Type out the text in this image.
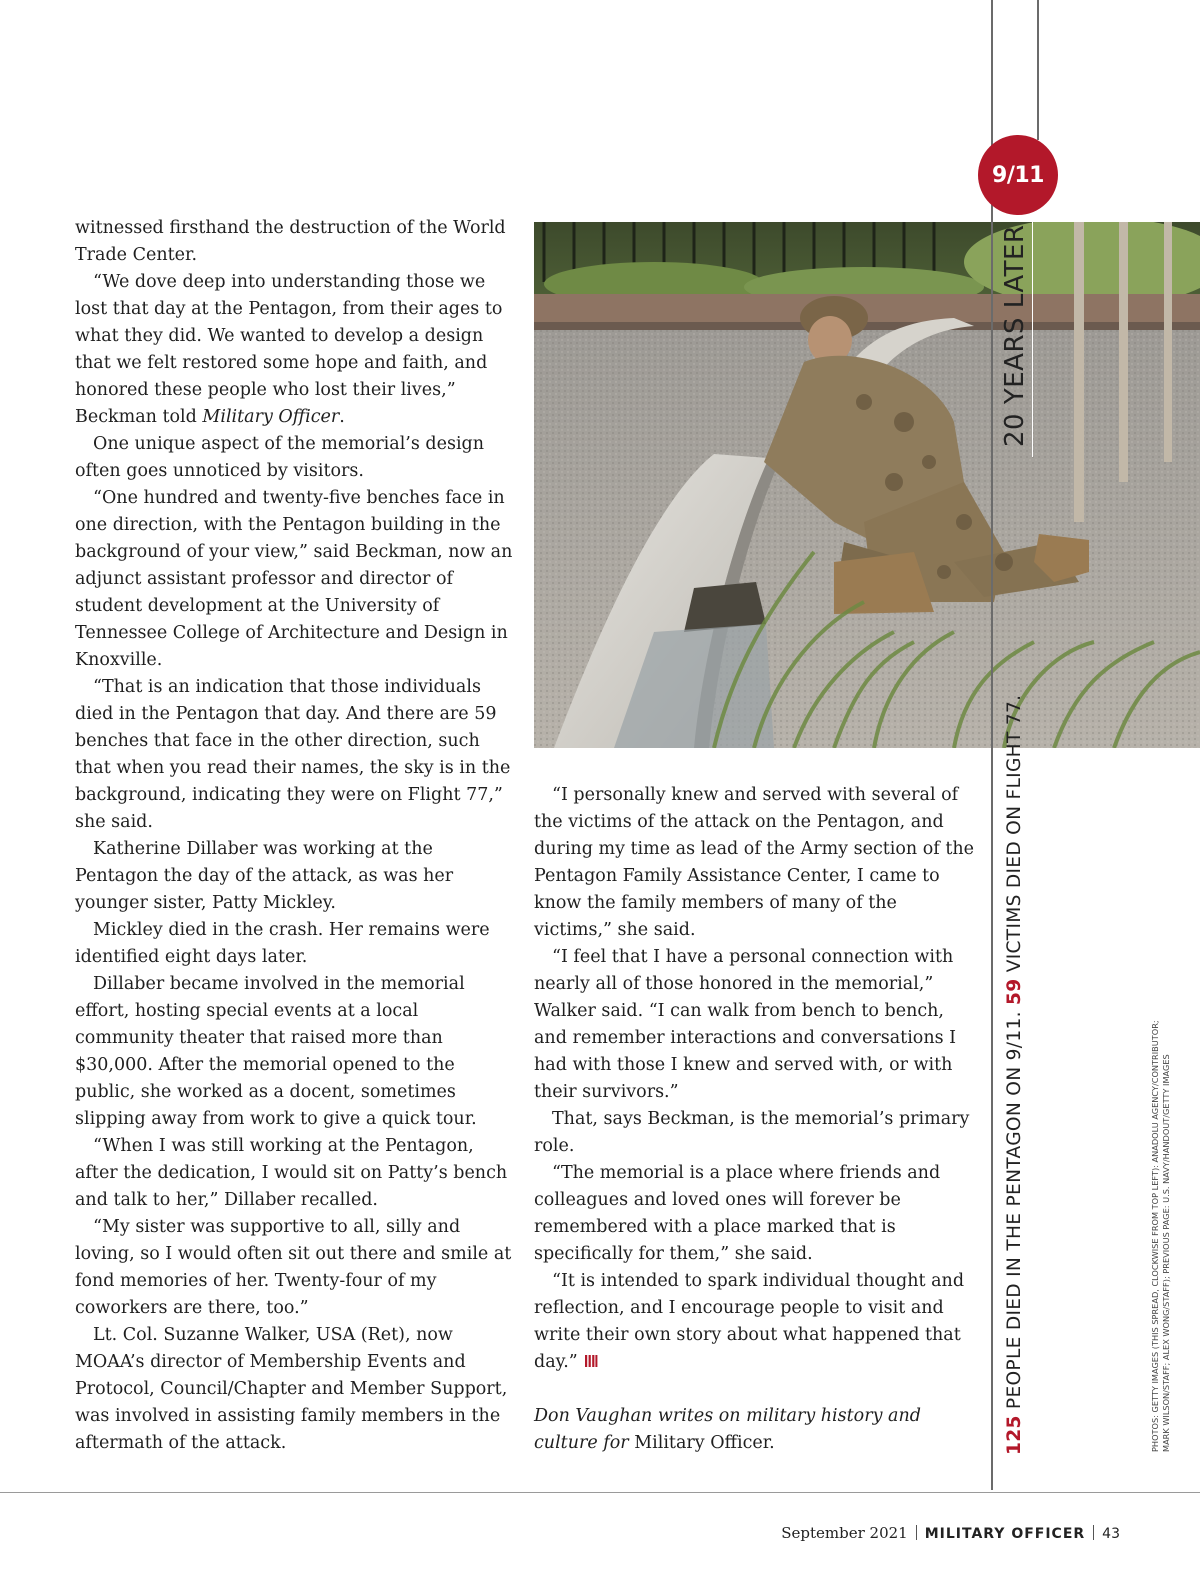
witnessed firsthand the destruction of the World Trade Center.

“We dove deep into understanding those we lost that day at the Pentagon, from their ages to what they did. We wanted to develop a design that we felt restored some hope and faith, and honored these people who lost their lives,” Beckman told Military Officer.

One unique aspect of the memorial’s design often goes unnoticed by visitors.

“One hundred and twenty-five benches face in one direction, with the Pentagon building in the background of your view,” said Beckman, now an adjunct assistant professor and director of student development at the University of Tennessee College of Architecture and Design in Knoxville.

“That is an indication that those individuals died in the Pentagon that day. And there are 59 benches that face in the other direction, such that when you read their names, the sky is in the background, indicating they were on Flight 77,” she said.

Katherine Dillaber was working at the Pentagon the day of the attack, as was her younger sister, Patty Mickley.

Mickley died in the crash. Her remains were identified eight days later.

Dillaber became involved in the memorial effort, hosting special events at a local community theater that raised more than $30,000. After the memorial opened to the public, she worked as a docent, sometimes slipping away from work to give a quick tour.

“When I was still working at the Pentagon, after the dedication, I would sit on Patty’s bench and talk to her,” Dillaber recalled.

“My sister was supportive to all, silly and loving, so I would often sit out there and smile at fond memories of her. Twenty-four of my coworkers are there, too.”

Lt. Col. Suzanne Walker, USA (Ret), now MOAA’s director of Membership Events and Protocol, Council/Chapter and Member Support, was involved in assisting family members in the aftermath of the attack.

“I personally knew and served with several of the victims of the attack on the Pentagon, and during my time as lead of the Army section of the Pentagon Family Assistance Center, I came to know the family members of many of the victims,” she said.

“I feel that I have a personal connection with nearly all of those honored in the memorial,” Walker said. “I can walk from bench to bench, and remember interactions and conversations I had with those I knew and served with, or with their survivors.”

That, says Beckman, is the memorial’s primary role.

“The memorial is a place where friends and colleagues and loved ones will forever be remembered with a place marked that is specifically for them,” she said.

“It is intended to spark individual thought and reflection, and I encourage people to visit and write their own story about what happened that day.”

Don Vaughan writes on military history and culture for Military Officer.

9/11
20 YEARS LATER
125 PEOPLE DIED IN THE PENTAGON ON 9/11. 59 VICTIMS DIED ON FLIGHT 77.
PHOTOS: GETTY IMAGES (THIS SPREAD, CLOCKWISE FROM TOP LEFT): ANADOLU AGENCY/CONTRIBUTOR; MARK WILSON/STAFF; ALEX WONG/STAFF); PREVIOUS PAGE: U.S. NAVY/HANDOUT/GETTY IMAGES
September 2021 MILITARY OFFICER 43
